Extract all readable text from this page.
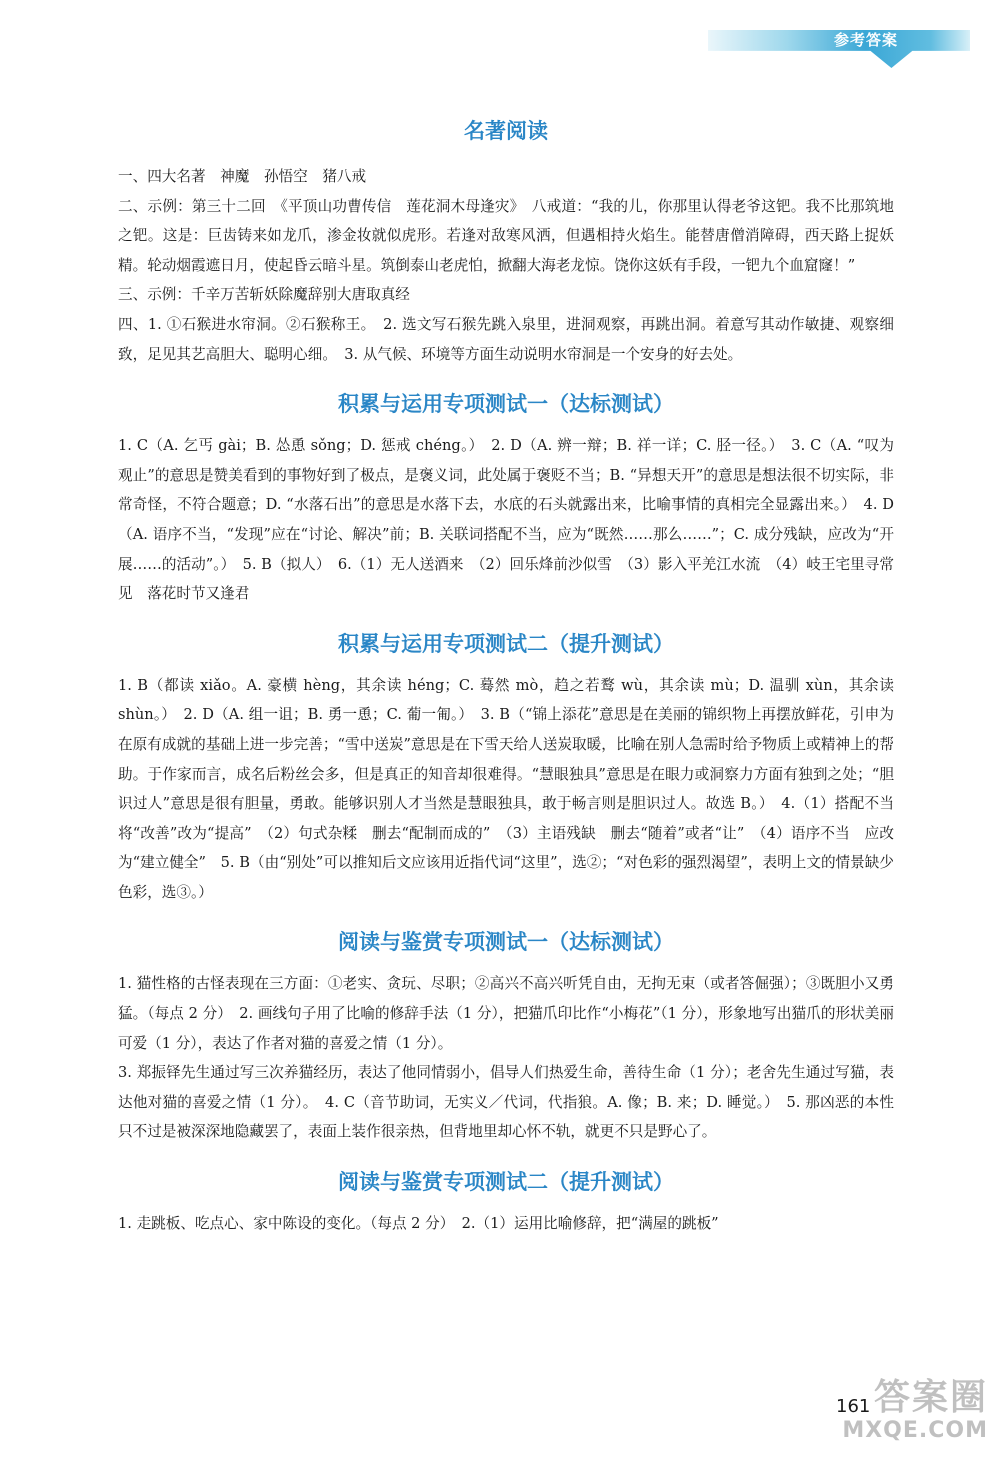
参考答案
名著阅读

一、四大名著　神魔　孙悟空　猪八戒

二、示例：第三十二回　《平顶山功曹传信　莲花洞木母逢灾》　八戒道：“我的儿，你那里认得老爷这钯。我不比那筑地之钯。这是：巨齿铸来如龙爪，渗金妆就似虎形。若逢对敌寒风洒，但遇相持火焰生。能替唐僧消障碍，西天路上捉妖精。轮动烟霞遮日月，使起昏云暗斗星。筑倒泰山老虎怕，掀翻大海老龙惊。饶你这妖有手段，一钯九个血窟窿！”

三、示例：千辛万苦斩妖除魔辞别大唐取真经

四、1. ①石猴进水帘洞。②石猴称王。　2. 选文写石猴先跳入泉里，进洞观察，再跳出洞。着意写其动作敏捷、观察细致，足见其艺高胆大、聪明心细。　3. 从气候、环境等方面生动说明水帘洞是一个安身的好去处。

积累与运用专项测试一（达标测试）

1. C（A. 乞丐 gài；B. 怂恿 sǒng；D. 惩戒 chéng。）　2. D（A. 辨一辩；B. 祥一详；C. 胫一径。）　3. C（A. “叹为观止”的意思是赞美看到的事物好到了极点，是褒义词，此处属于褒贬不当；B. “异想天开”的意思是想法很不切实际，非常奇怪，不符合题意；D. “水落石出”的意思是水落下去，水底的石头就露出来，比喻事情的真相完全显露出来。）　4. D（A. 语序不当，“发现”应在“讨论、解决”前；B. 关联词搭配不当，应为“既然……那么……”；C. 成分残缺，应改为“开展……的活动”。）　5. B（拟人）　6.（1）无人送酒来　（2）回乐烽前沙似雪　（3）影入平羌江水流　（4）岐王宅里寻常见　落花时节又逢君

积累与运用专项测试二（提升测试）

1. B（都读 xiǎo。A. 豪横 hèng，其余读 héng；C. 蓦然 mò，趋之若鹜 wù，其余读 mù；D. 温驯 xùn，其余读 shùn。）　2. D（A. 组一诅；B. 勇一恿；C. 葡一匍。）　3. B（“锦上添花”意思是在美丽的锦织物上再摆放鲜花，引申为在原有成就的基础上进一步完善；“雪中送炭”意思是在下雪天给人送炭取暖，比喻在别人急需时给予物质上或精神上的帮助。于作家而言，成名后粉丝会多，但是真正的知音却很难得。“慧眼独具”意思是在眼力或洞察力方面有独到之处；“胆识过人”意思是很有胆量，勇敢。能够识别人才当然是慧眼独具，敢于畅言则是胆识过人。故选 B。）　4.（1）搭配不当将“改善”改为“提高”　（2）句式杂糅　删去“配制而成的”　（3）主语残缺　删去“随着”或者“让”　（4）语序不当　应改为“建立健全”　5. B（由“别处”可以推知后文应该用近指代词“这里”，选②；“对色彩的强烈渴望”，表明上文的情景缺少色彩，选③。）

阅读与鉴赏专项测试一（达标测试）

1. 猫性格的古怪表现在三方面：①老实、贪玩、尽职；②高兴不高兴听凭自由，无拘无束（或者答倔强）；③既胆小又勇猛。（每点 2 分）　2. 画线句子用了比喻的修辞手法（1 分），把猫爪印比作“小梅花”（1 分），形象地写出猫爪的形状美丽可爱（1 分），表达了作者对猫的喜爱之情（1 分）。

3. 郑振铎先生通过写三次养猫经历，表达了他同情弱小，倡导人们热爱生命，善待生命（1 分）；老舍先生通过写猫，表达他对猫的喜爱之情（1 分）。　4. C（音节助词，无实义／代词，代指狼。A. 像；B. 来；D. 睡觉。）　5. 那凶恶的本性只不过是被深深地隐藏罢了，表面上装作很亲热，但背地里却心怀不轨，就更不只是野心了。

阅读与鉴赏专项测试二（提升测试）

1. 走跳板、吃点心、家中陈设的变化。（每点 2 分）　2.（1）运用比喻修辞，把“满屋的跳板”

161 答案圈
MXQE.COM
